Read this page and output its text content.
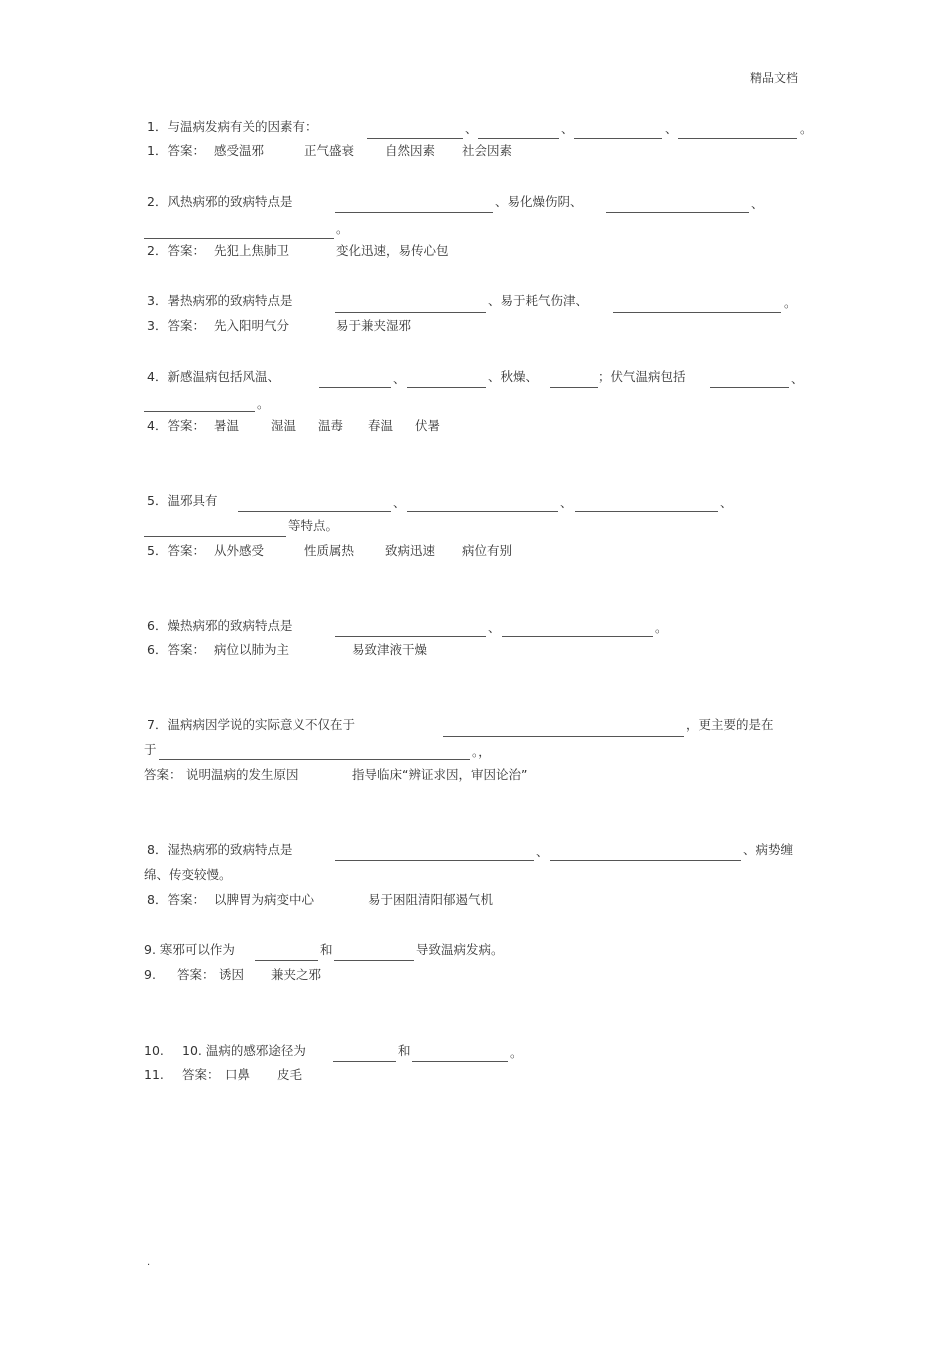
精品文档
1．与温病发病有关的因素有：	、	、	、	。
1．答案： 感受温邪	正气盛衰 自然因素 社会因素
2．风热病邪的致病特点是	、易化燥伤阴、	、
。
2．答案： 先犯上焦肺卫	变化迅速，易传心包
3．暑热病邪的致病特点是	、易于耗气伤津、	。
3．答案： 先入阳明气分	易于兼夹湿邪
4．新感温病包括风温、	、	、秋燥、	；伏气温病包括	、
。
4．答案： 暑温	湿温 温毒 春温 伏暑
5．温邪具有	、	、	、
等特点。
5．答案： 从外感受	性质属热 致病迅速 病位有别
6．燥热病邪的致病特点是	、	。
6．答案： 病位以肺为主	易致津液干燥
7．温病病因学说的实际意义不仅在于	，更主要的是在
于	。，
答案： 说明温病的发生原因	指导临床“辨证求因，审因论治”
8．湿热病邪的致病特点是	、	、病势缠
绵、传变较慢。
8．答案： 以脾胃为病变中心	易于困阻清阳郁遏气机
9. 寒邪可以作为	和	导致温病发病。
9. 答案： 诱因 兼夹之邪
10. 10. 温病的感邪途径为	和	。
11. 答案： 口鼻 皮毛
.
